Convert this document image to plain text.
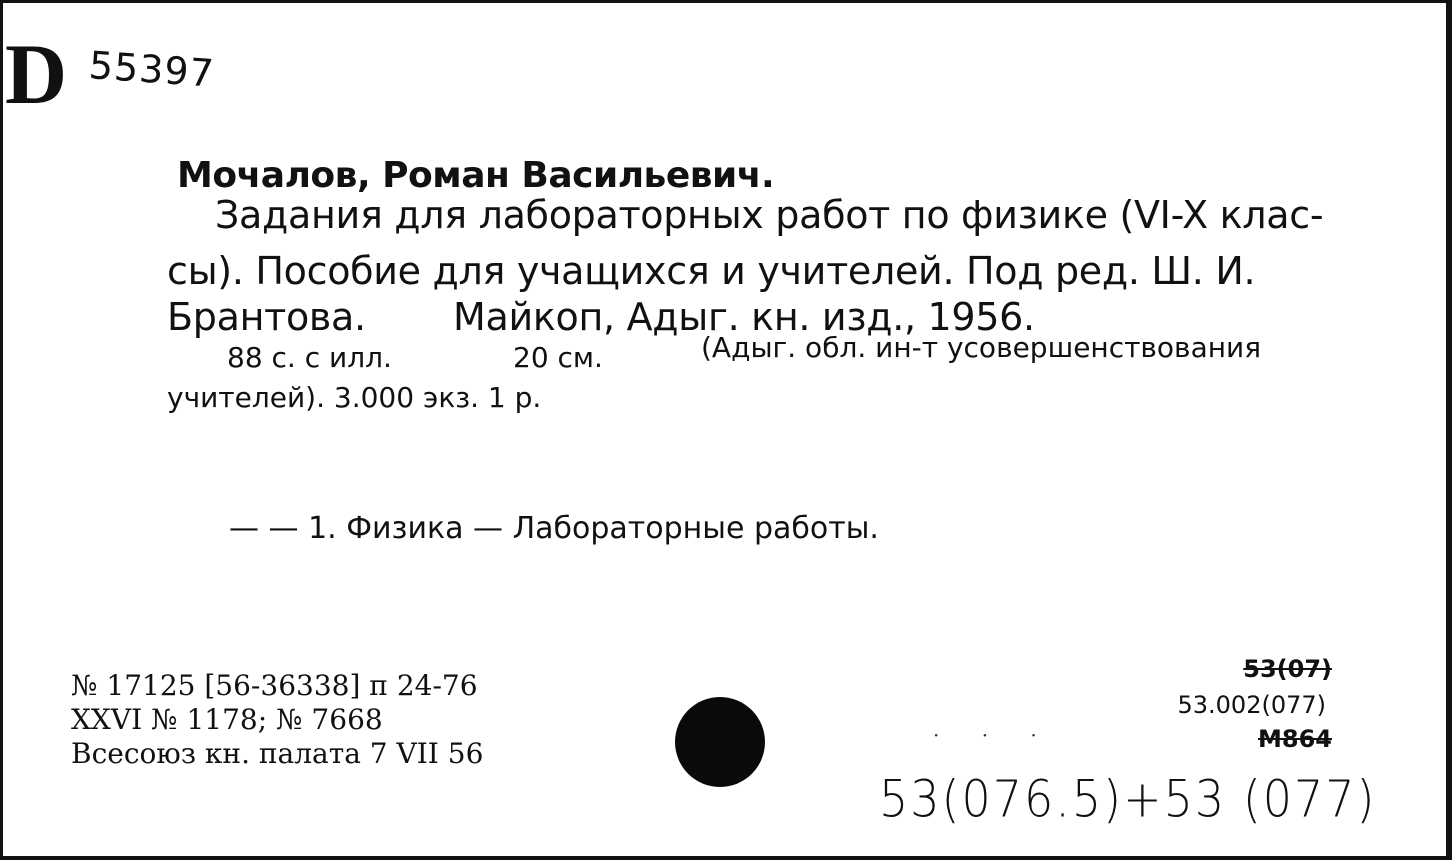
D 55397
Мочалов, Роман Васильевич.
Задания для лабораторных работ по физике (VI-X клас-
сы). Пособие для учащихся и учителей. Под ред. Ш. И.
Брантова. Майкоп, Адыг. кн. изд., 1956.
88 с. с илл.	20 см.	(Адыг. обл. ин-т усовершенствования
учителей). 3.000 экз. 1 р.
— — 1. Физика — Лабораторные работы.
№ 17125 [56-36338] п 24-76
XXVI № 1178; № 7668
Всесоюз кн. палата 7 VII 56
53(07)
53.002(077)
М864
· · ·
53(076.5)+53 (077)
